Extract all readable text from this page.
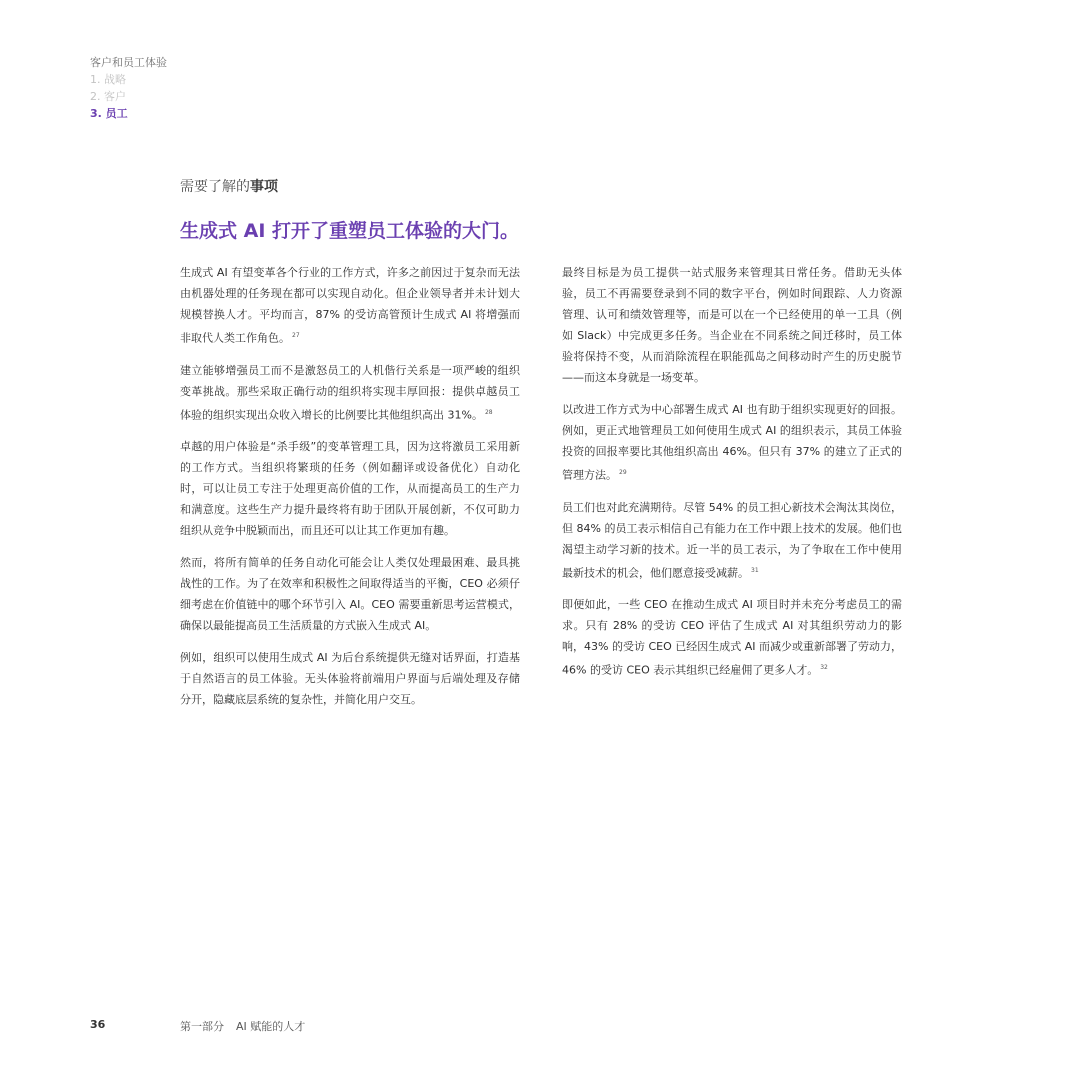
客户和员工体验
1. 战略
2. 客户
3. 员工
需要了解的事项
生成式 AI 打开了重塑员工体验的大门。

生成式 AI 有望变革各个行业的工作方式，许多之前因过于复杂而无法由机器处理的任务现在都可以实现自动化。但企业领导者并未计划大规模替换人才。平均而言，87% 的受访高管预计生成式 AI 将增强而非取代人类工作角色。 $^{27}$

建立能够增强员工而不是激怒员工的人机偕行关系是一项严峻的组织变革挑战。那些采取正确行动的组织将实现丰厚回报：提供卓越员工体验的组织实现出众收入增长的比例要比其他组织高出 31%。 $^{28}$

卓越的用户体验是“杀手级”的变革管理工具，因为这将激员工采用新的工作方式。当组织将繁琐的任务（例如翻译或设备优化）自动化时，可以让员工专注于处理更高价值的工作，从而提高员工的生产力和满意度。这些生产力提升最终将有助于团队开展创新，不仅可助力组织从竞争中脱颖而出，而且还可以让其工作更加有趣。

然而，将所有简单的任务自动化可能会让人类仅处理最困难、最具挑战性的工作。为了在效率和积极性之间取得适当的平衡，CEO 必须仔细考虑在价值链中的哪个环节引入 AI。CEO 需要重新思考运营模式，确保以最能提高员工生活质量的方式嵌入生成式 AI。

例如，组织可以使用生成式 AI 为后台系统提供无缝对话界面，打造基于自然语言的员工体验。无头体验将前端用户界面与后端处理及存储分开，隐藏底层系统的复杂性，并简化用户交互。

最终目标是为员工提供一站式服务来管理其日常任务。借助无头体验，员工不再需要登录到不同的数字平台，例如时间跟踪、人力资源管理、认可和绩效管理等，而是可以在一个已经使用的单一工具（例如 Slack）中完成更多任务。当企业在不同系统之间迁移时，员工体验将保持不变，从而消除流程在职能孤岛之间移动时产生的历史脱节——而这本身就是一场变革。

以改进工作方式为中心部署生成式 AI 也有助于组织实现更好的回报。例如，更正式地管理员工如何使用生成式 AI 的组织表示，其员工体验投资的回报率要比其他组织高出 46%。但只有 37% 的建立了正式的管理方法。 $^{29}$

员工们也对此充满期待。尽管 54% 的员工担心新技术会淘汰其岗位，但 84% 的员工表示相信自己有能力在工作中跟上技术的发展。他们也渴望主动学习新的技术。近一半的员工表示，为了争取在工作中使用最新技术的机会，他们愿意接受减薪。 $^{31}$

即便如此，一些 CEO 在推动生成式 AI 项目时并未充分考虑员工的需求。只有 28% 的受访 CEO 评估了生成式 AI 对其组织劳动力的影响，43% 的受访 CEO 已经因生成式 AI 而减少或重新部署了劳动力，46% 的受访 CEO 表示其组织已经雇佣了更多人才。 $^{32}$

36	第一部分 AI 赋能的人才
